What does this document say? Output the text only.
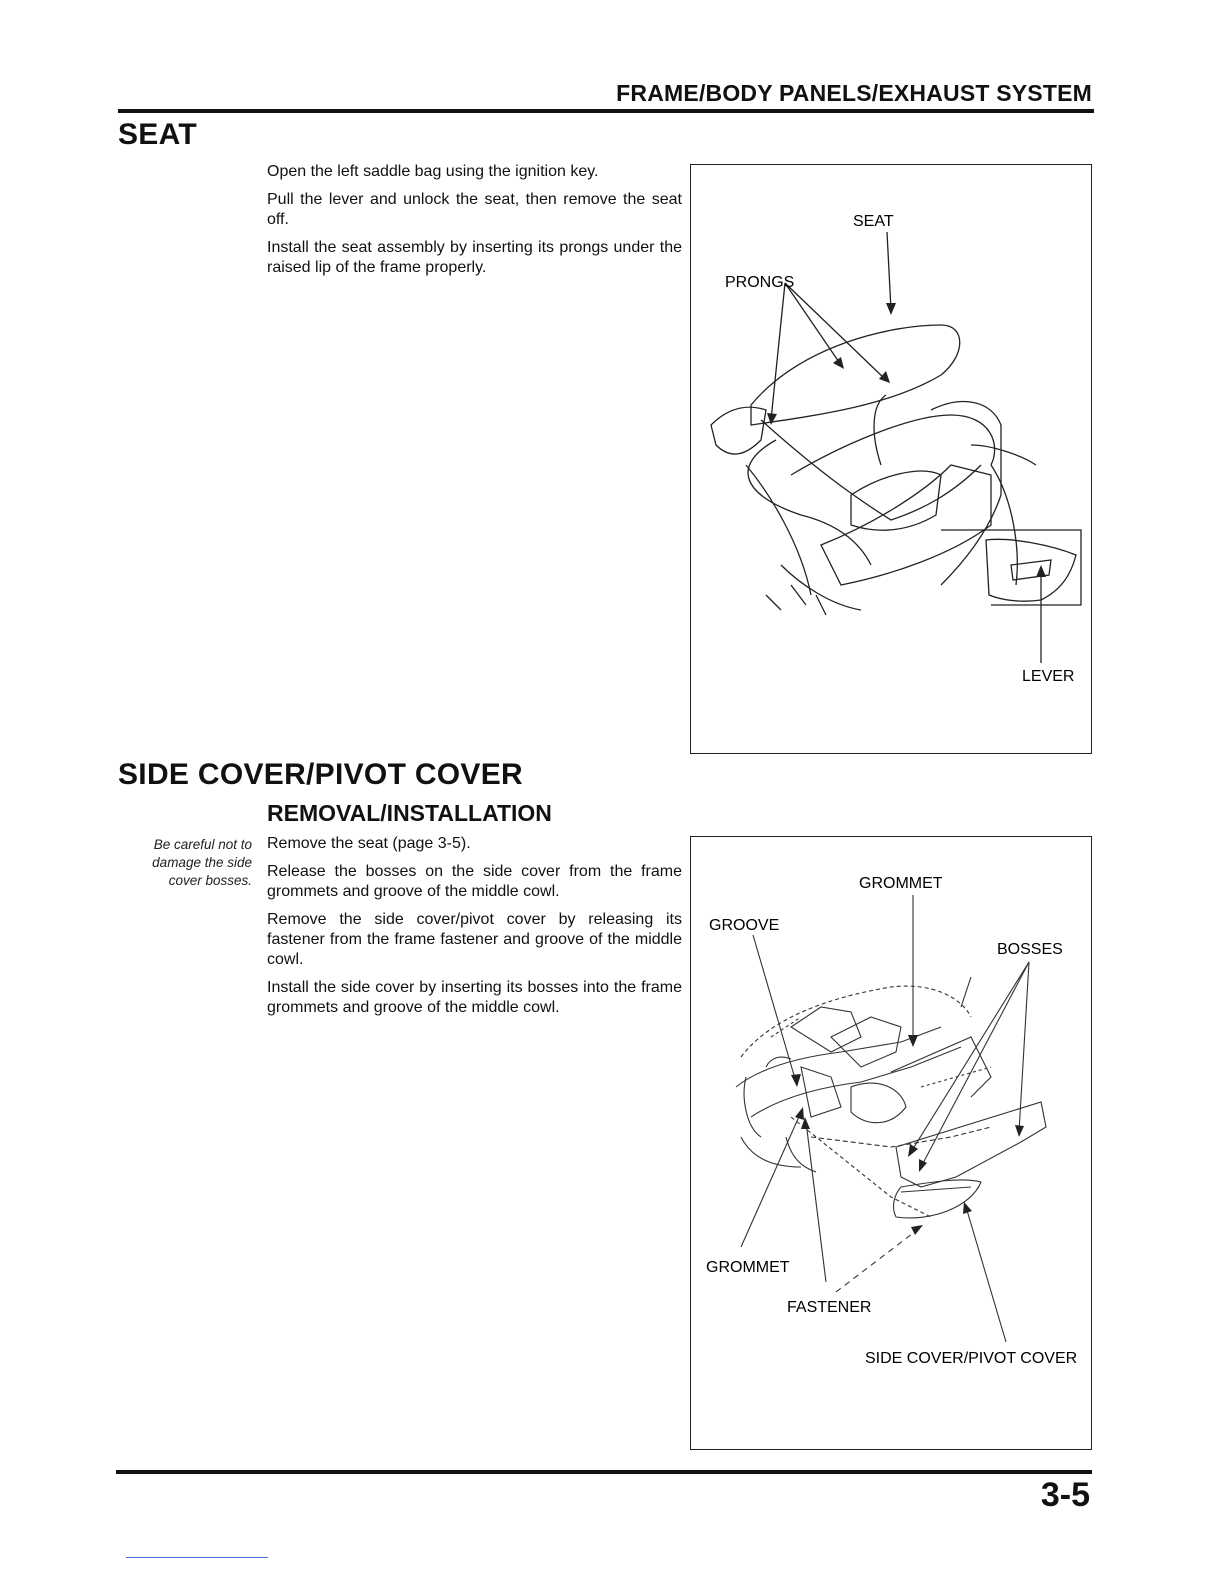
FRAME/BODY PANELS/EXHAUST SYSTEM
SEAT

Open the left saddle bag using the ignition key.

Pull the lever and unlock the seat, then remove the seat off.

Install the seat assembly by inserting its prongs under the raised lip of the frame properly.

SEAT
PRONGS
LEVER
SIDE COVER/PIVOT COVER
REMOVAL/INSTALLATION
Be careful not to damage the side cover bosses.

Remove the seat (page 3-5).

Release the bosses on the side cover from the frame grommets and groove of the middle cowl.

Remove the side cover/pivot cover by releasing its fastener from the frame fastener and groove of the middle cowl.

Install the side cover by inserting its bosses into the frame grommets and groove of the middle cowl.

GROMMET
GROOVE
BOSSES
GROMMET
FASTENER
SIDE COVER/PIVOT COVER
3-5
